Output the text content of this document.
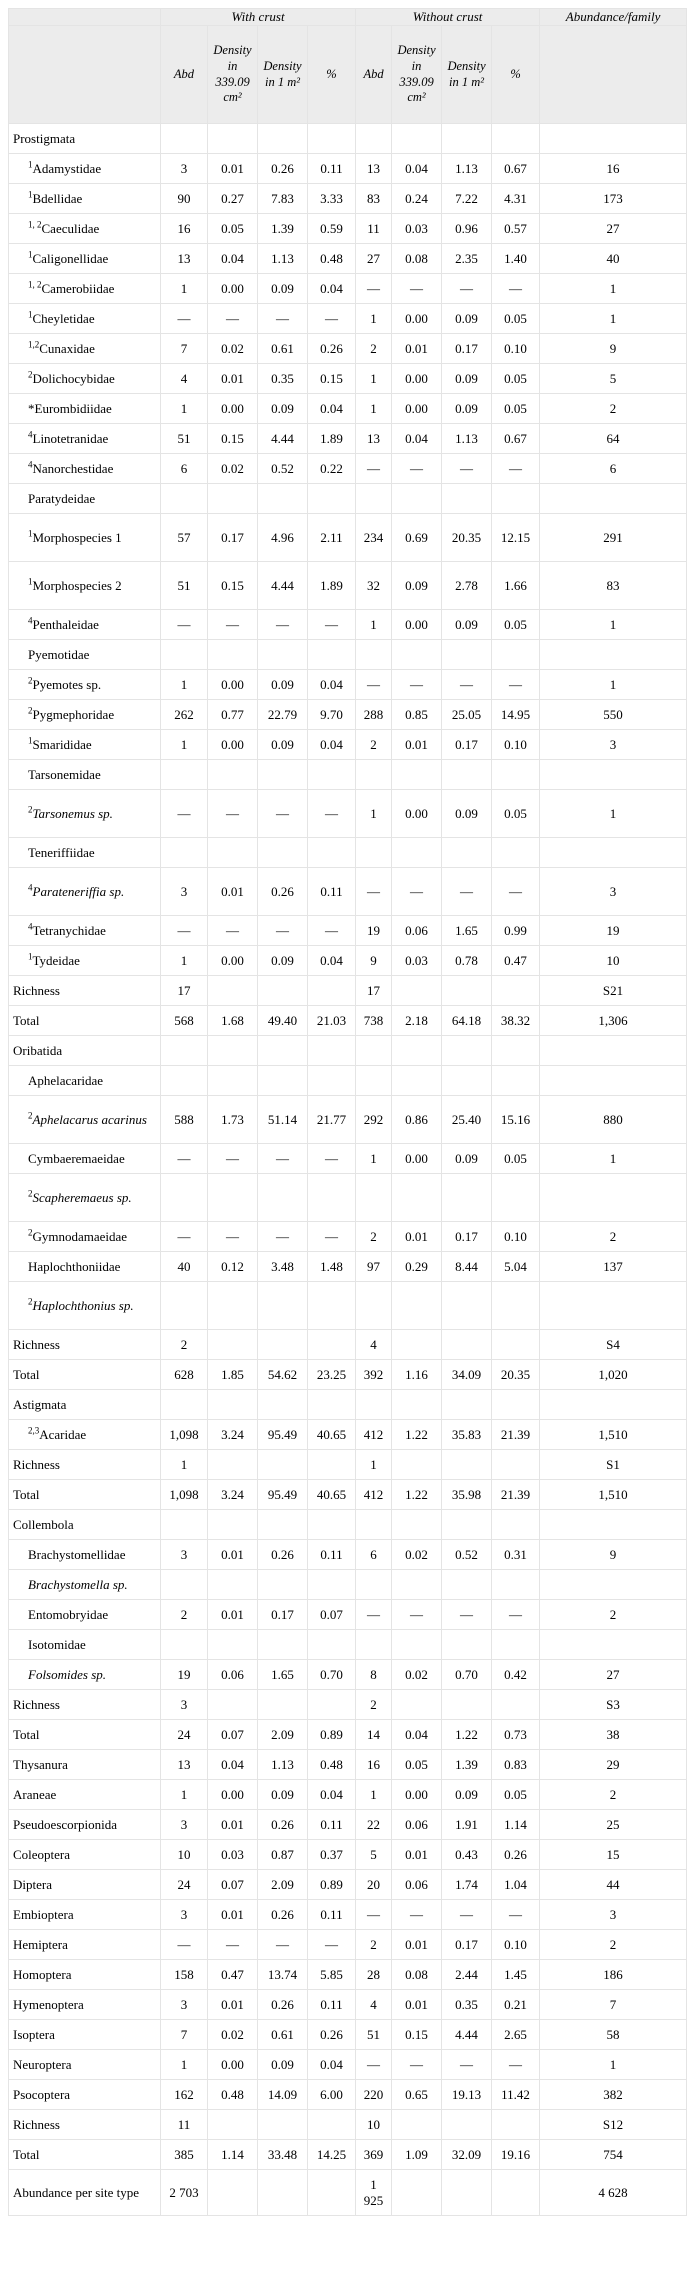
	With crust				Without crust				Abundance/family
	Abd	Density in 339.09 cm²	Density in 1 m²	%	Abd	Density in 339.09 cm²	Density in 1 m²	%	
Prostigmata									
$^1$Adamystidae	3	0.01	0.26	0.11	13	0.04	1.13	0.67	16
$^1$Bdellidae	90	0.27	7.83	3.33	83	0.24	7.22	4.31	173
$^{1, 2}$Caeculidae	16	0.05	1.39	0.59	11	0.03	0.96	0.57	27
$^1$Caligonellidae	13	0.04	1.13	0.48	27	0.08	2.35	1.40	40
$^{1, 2}$Camerobiidae	1	0.00	0.09	0.04	—	—	—	—	1
$^1$Cheyletidae	—	—	—	—	1	0.00	0.09	0.05	1
$^{1,2}$Cunaxidae	7	0.02	0.61	0.26	2	0.01	0.17	0.10	9
$^2$Dolichocybidae	4	0.01	0.35	0.15	1	0.00	0.09	0.05	5
*Eurombidiidae	1	0.00	0.09	0.04	1	0.00	0.09	0.05	2
$^4$Linotetranidae	51	0.15	4.44	1.89	13	0.04	1.13	0.67	64
$^4$Nanorchestidae	6	0.02	0.52	0.22	—	—	—	—	6
Paratydeidae									
$^1$Morphospecies 1	57	0.17	4.96	2.11	234	0.69	20.35	12.15	291
$^1$Morphospecies 2	51	0.15	4.44	1.89	32	0.09	2.78	1.66	83
$^4$Penthaleidae	—	—	—	—	1	0.00	0.09	0.05	1
Pyemotidae									
$^2$Pyemotes sp.	1	0.00	0.09	0.04	—	—	—	—	1
$^2$Pygmephoridae	262	0.77	22.79	9.70	288	0.85	25.05	14.95	550
$^1$Smarididae	1	0.00	0.09	0.04	2	0.01	0.17	0.10	3
Tarsonemidae									
$^2$Tarsonemus sp.	—	—	—	—	1	0.00	0.09	0.05	1
Teneriffiidae									
$^4$Parateneriffia sp.	3	0.01	0.26	0.11	—	—	—	—	3
$^4$Tetranychidae	—	—	—	—	19	0.06	1.65	0.99	19
$^1$Tydeidae	1	0.00	0.09	0.04	9	0.03	0.78	0.47	10
Richness	17				17				S21
Total	568	1.68	49.40	21.03	738	2.18	64.18	38.32	1,306
Oribatida									
Aphelacaridae									
$^2$Aphelacarus acarinus	588	1.73	51.14	21.77	292	0.86	25.40	15.16	880
Cymbaeremaeidae	—	—	—	—	1	0.00	0.09	0.05	1
$^2$Scapheremaeus sp.									
$^2$Gymnodamaeidae	—	—	—	—	2	0.01	0.17	0.10	2
Haplochthoniidae	40	0.12	3.48	1.48	97	0.29	8.44	5.04	137
$^2$Haplochthonius sp.									
Richness	2				4				S4
Total	628	1.85	54.62	23.25	392	1.16	34.09	20.35	1,020
Astigmata									
$^{2,3}$Acaridae	1,098	3.24	95.49	40.65	412	1.22	35.83	21.39	1,510
Richness	1				1				S1
Total	1,098	3.24	95.49	40.65	412	1.22	35.98	21.39	1,510
Collembola									
Brachystomellidae	3	0.01	0.26	0.11	6	0.02	0.52	0.31	9
Brachystomella sp.									
Entomobryidae	2	0.01	0.17	0.07	—	—	—	—	2
Isotomidae									
Folsomides sp.	19	0.06	1.65	0.70	8	0.02	0.70	0.42	27
Richness	3				2				S3
Total	24	0.07	2.09	0.89	14	0.04	1.22	0.73	38
Thysanura	13	0.04	1.13	0.48	16	0.05	1.39	0.83	29
Araneae	1	0.00	0.09	0.04	1	0.00	0.09	0.05	2
Pseudoescorpionida	3	0.01	0.26	0.11	22	0.06	1.91	1.14	25
Coleoptera	10	0.03	0.87	0.37	5	0.01	0.43	0.26	15
Diptera	24	0.07	2.09	0.89	20	0.06	1.74	1.04	44
Embioptera	3	0.01	0.26	0.11	—	—	—	—	3
Hemiptera	—	—	—	—	2	0.01	0.17	0.10	2
Homoptera	158	0.47	13.74	5.85	28	0.08	2.44	1.45	186
Hymenoptera	3	0.01	0.26	0.11	4	0.01	0.35	0.21	7
Isoptera	7	0.02	0.61	0.26	51	0.15	4.44	2.65	58
Neuroptera	1	0.00	0.09	0.04	—	—	—	—	1
Psocoptera	162	0.48	14.09	6.00	220	0.65	19.13	11.42	382
Richness	11				10				S12
Total	385	1.14	33.48	14.25	369	1.09	32.09	19.16	754
Abundance per site type	2 703				1 925				4 628
